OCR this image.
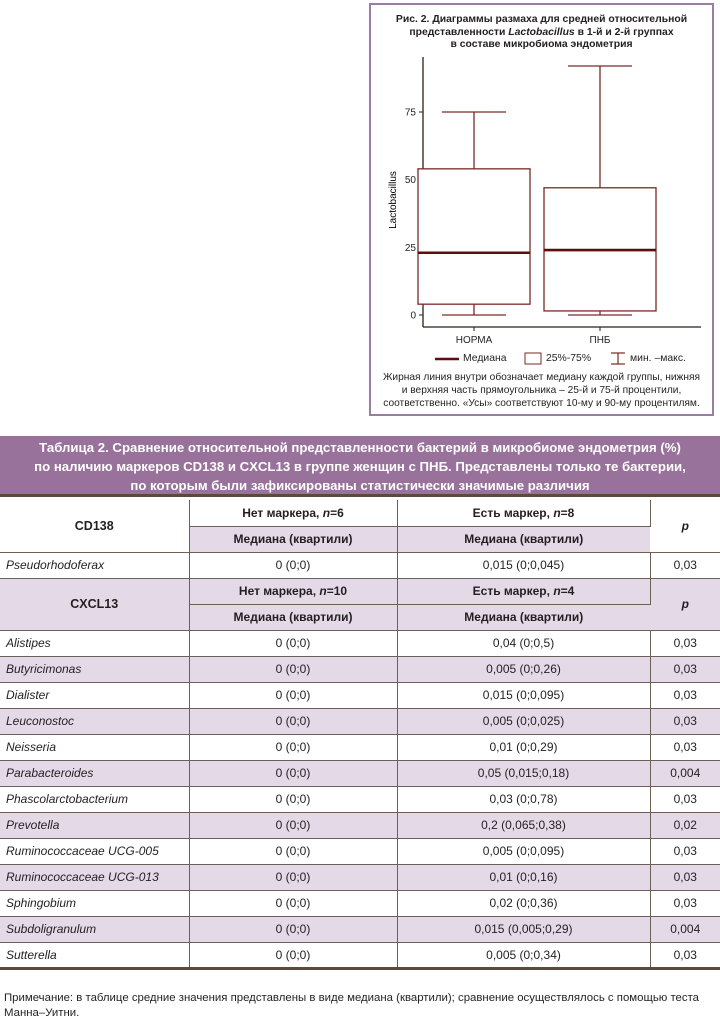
Рис. 2. Диаграммы размаха для средней относительной
представленности Lactobacillus в 1-й и 2-й группах
в составе микробиома эндометрия
0
25
50
75
НОРМА	ПНБ
Lactobacillus
Медиана	25%-75%	мин. –макс.
Жирная линия внутри обозначает медиану каждой группы, нижняя
и верхняя часть прямоугольника – 25-й и 75-й процентили,
соответственно. «Усы» соответствуют 10-му и 90-му процентилям.
Таблица 2. Сравнение относительной представленности бактерий в микробиоме эндометрия (%)
по наличию маркеров CD138 и CXCL13 в группе женщин с ПНБ. Представлены только те бактерии,
по которым были зафиксированы статистически значимые различия
CD138	Нет маркера, n=6	Есть маркер, n=8	p
	Медиана (квартили)	Медиана (квартили)	
Pseudorhodoferax	0 (0;0)	0,015 (0;0,045)	0,03
CXCL13	Нет маркера, n=10	Есть маркер, n=4	p
	Медиана (квартили)	Медиана (квартили)	
Alistipes	0 (0;0)	0,04 (0;0,5)	0,03
Butyricimonas	0 (0;0)	0,005 (0;0,26)	0,03
Dialister	0 (0;0)	0,015 (0;0,095)	0,03
Leuconostoc	0 (0;0)	0,005 (0;0,025)	0,03
Neisseria	0 (0;0)	0,01 (0;0,29)	0,03
Parabacteroides	0 (0;0)	0,05 (0,015;0,18)	0,004
Phascolarctobacterium	0 (0;0)	0,03 (0;0,78)	0,03
Prevotella	0 (0;0)	0,2 (0,065;0,38)	0,02
Ruminococcaceae UCG-005	0 (0;0)	0,005 (0;0,095)	0,03
Ruminococcaceae UCG-013	0 (0;0)	0,01 (0;0,16)	0,03
Sphingobium	0 (0;0)	0,02 (0;0,36)	0,03
Subdoligranulum	0 (0;0)	0,015 (0,005;0,29)	0,004
Sutterella	0 (0;0)	0,005 (0;0,34)	0,03
Примечание: в таблице средние значения представлены в виде медиана (квартили); сравнение осуществлялось с помощью теста
Манна–Уитни.
